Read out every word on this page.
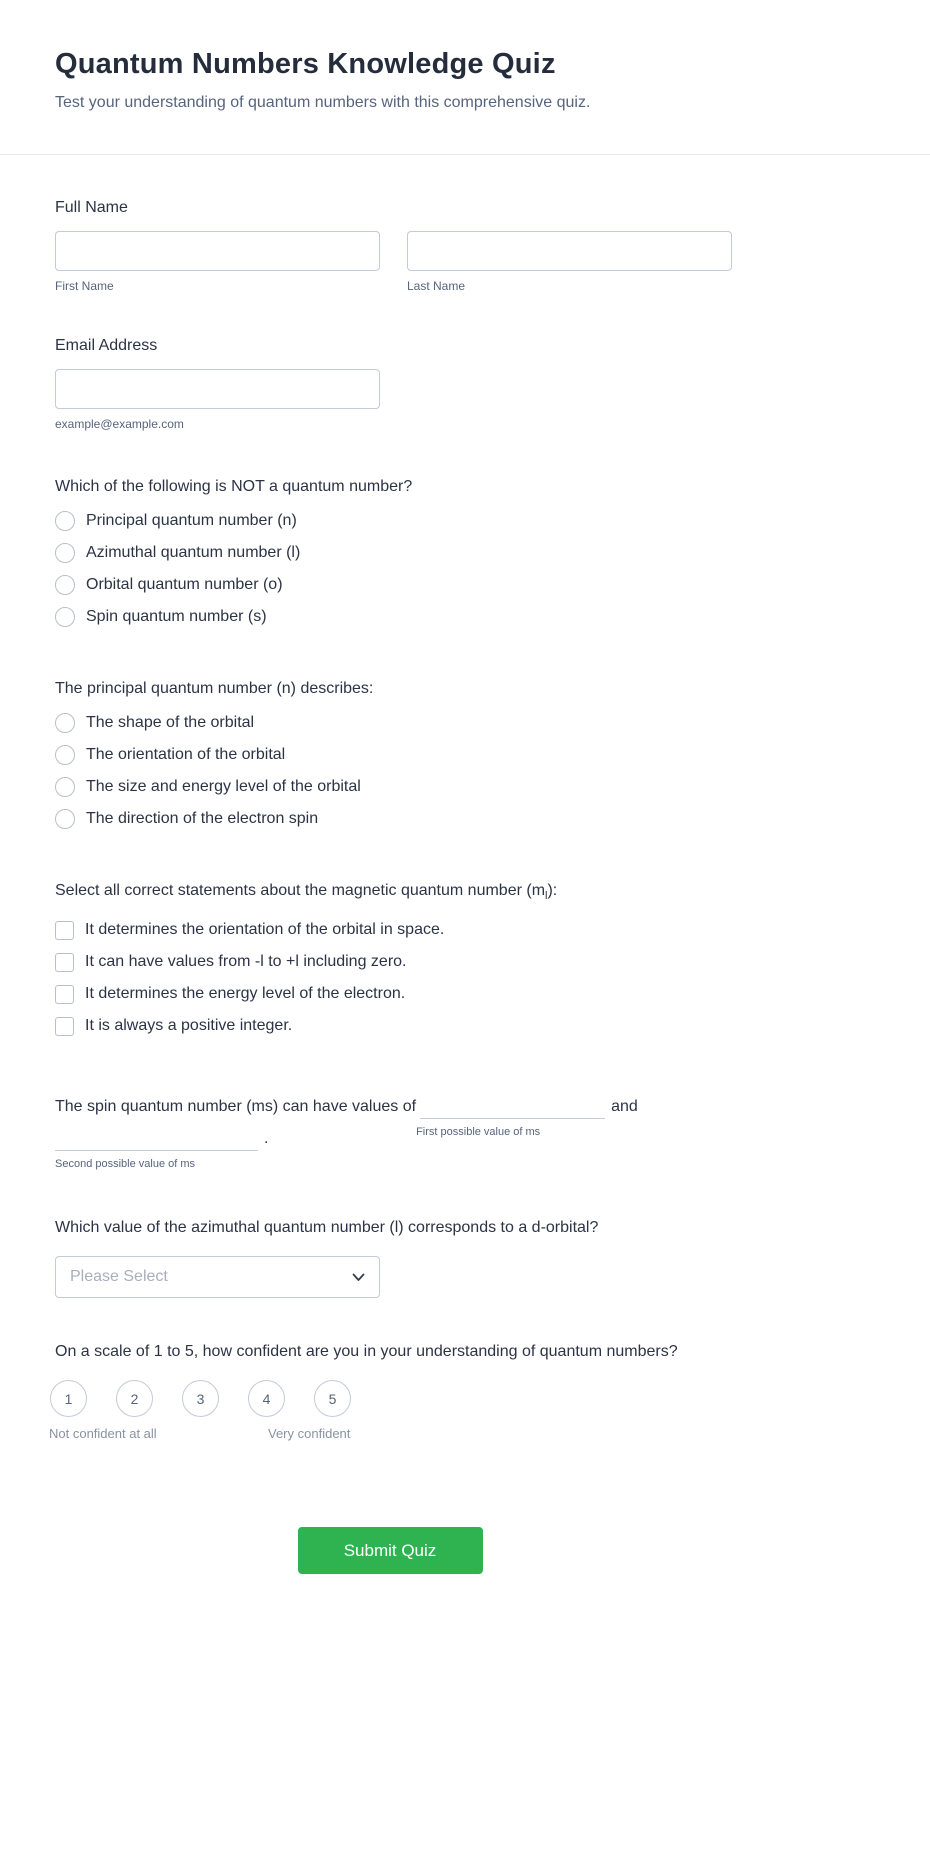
Quantum Numbers Knowledge Quiz
Test your understanding of quantum numbers with this comprehensive quiz.
Full Name
First Name	Last Name
Email Address
example@example.com
Which of the following is NOT a quantum number?
Principal quantum number (n)
Azimuthal quantum number (l)
Orbital quantum number (o)
Spin quantum number (s)
The principal quantum number (n) describes:
The shape of the orbital
The orientation of the orbital
The size and energy level of the orbital
The direction of the electron spin
Select all correct statements about the magnetic quantum number $(m_l)$:
It determines the orientation of the orbital in space.
It can have values from -l to +l including zero.
It determines the energy level of the electron.
It is always a positive integer.
The spin quantum number (ms) can have values of
First possible value of ms
and
Second possible value of ms
.
Which value of the azimuthal quantum number (l) corresponds to a d-orbital?
Please Select
On a scale of 1 to 5, how confident are you in your understanding of quantum numbers?
1	2	3	4	5
Not confident at all	Very confident
Submit Quiz
